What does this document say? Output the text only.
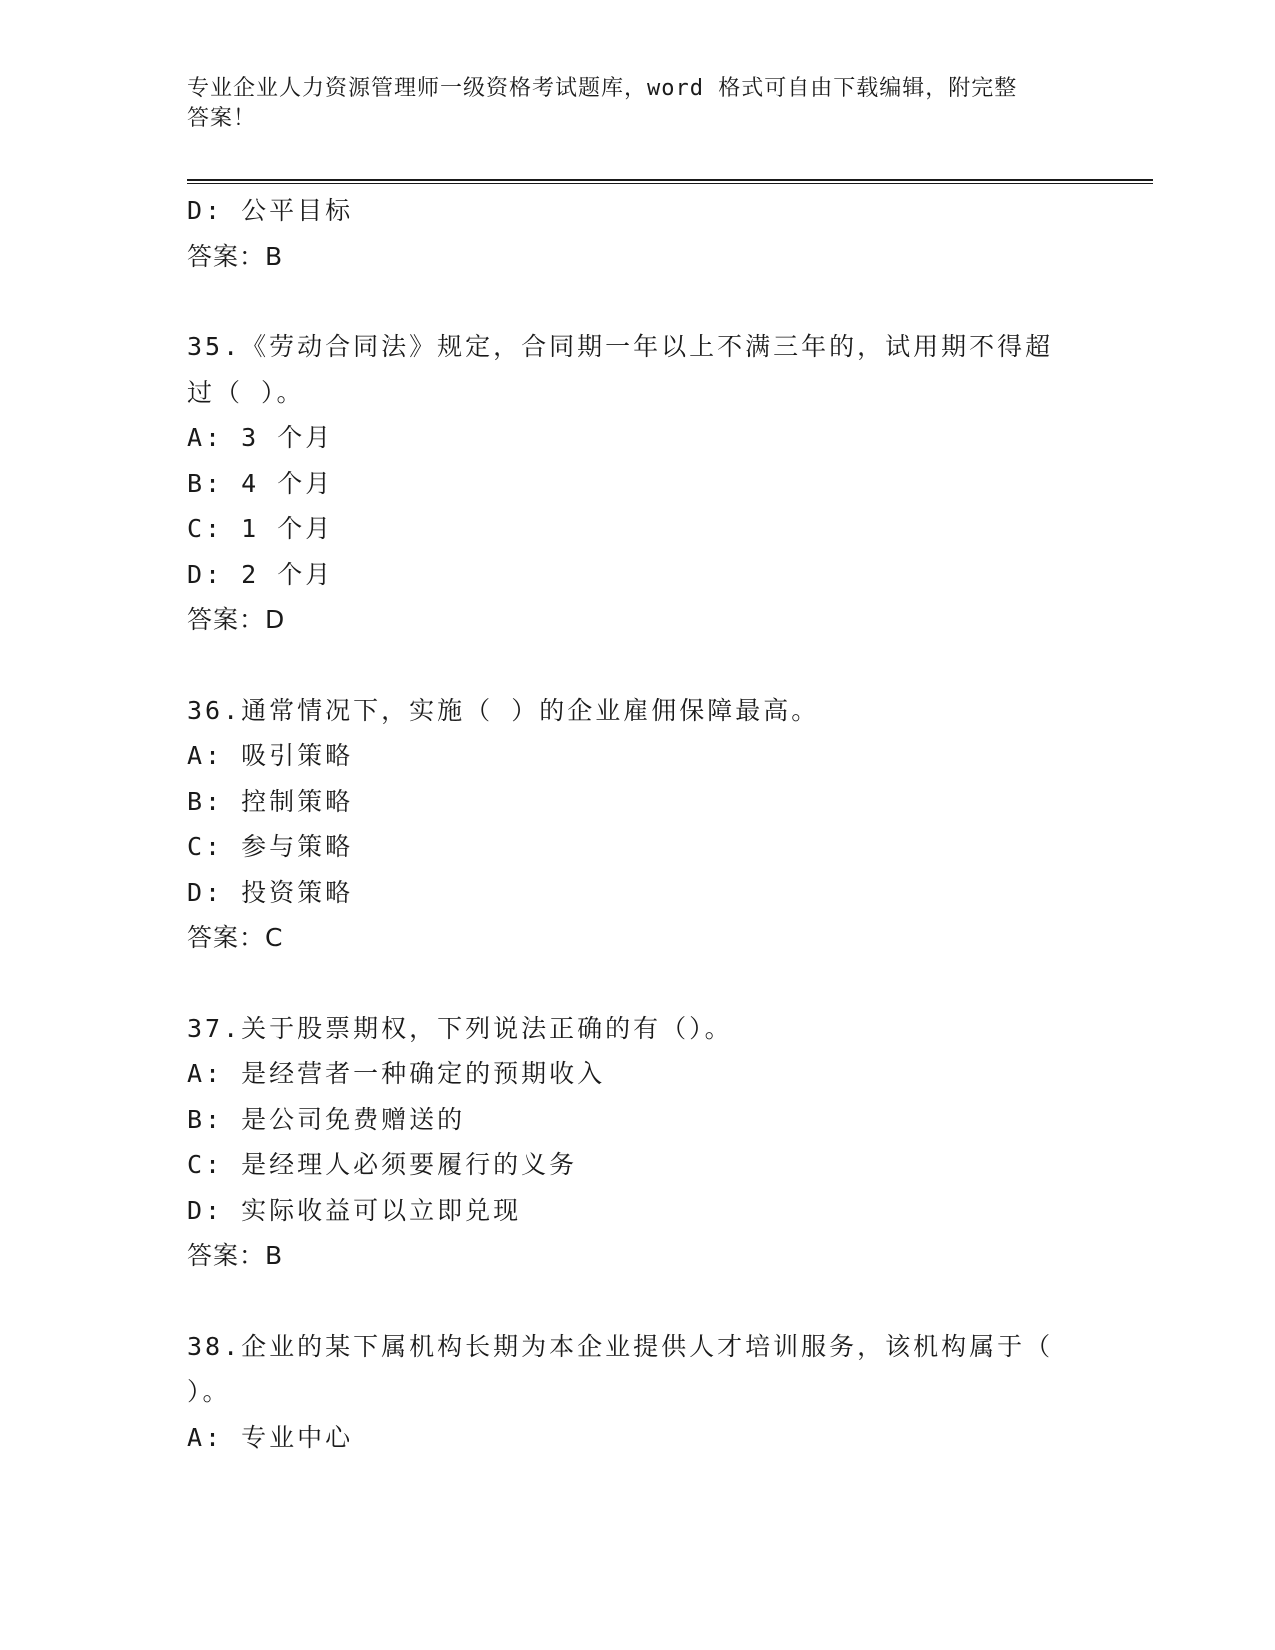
专业企业人力资源管理师一级资格考试题库，word 格式可自由下载编辑，附完整
答案！
D: 公平目标
答案：B
35.《劳动合同法》规定，合同期一年以上不满三年的，试用期不得超
过（ ）。
A: 3 个月
B: 4 个月
C: 1 个月
D: 2 个月
答案：D
36.通常情况下，实施（ ）的企业雇佣保障最高。
A: 吸引策略
B: 控制策略
C: 参与策略
D: 投资策略
答案：C
37.关于股票期权，下列说法正确的有（）。
A: 是经营者一种确定的预期收入
B: 是公司免费赠送的
C: 是经理人必须要履行的义务
D: 实际收益可以立即兑现
答案：B
38.企业的某下属机构长期为本企业提供人才培训服务，该机构属于（
）。
A: 专业中心
